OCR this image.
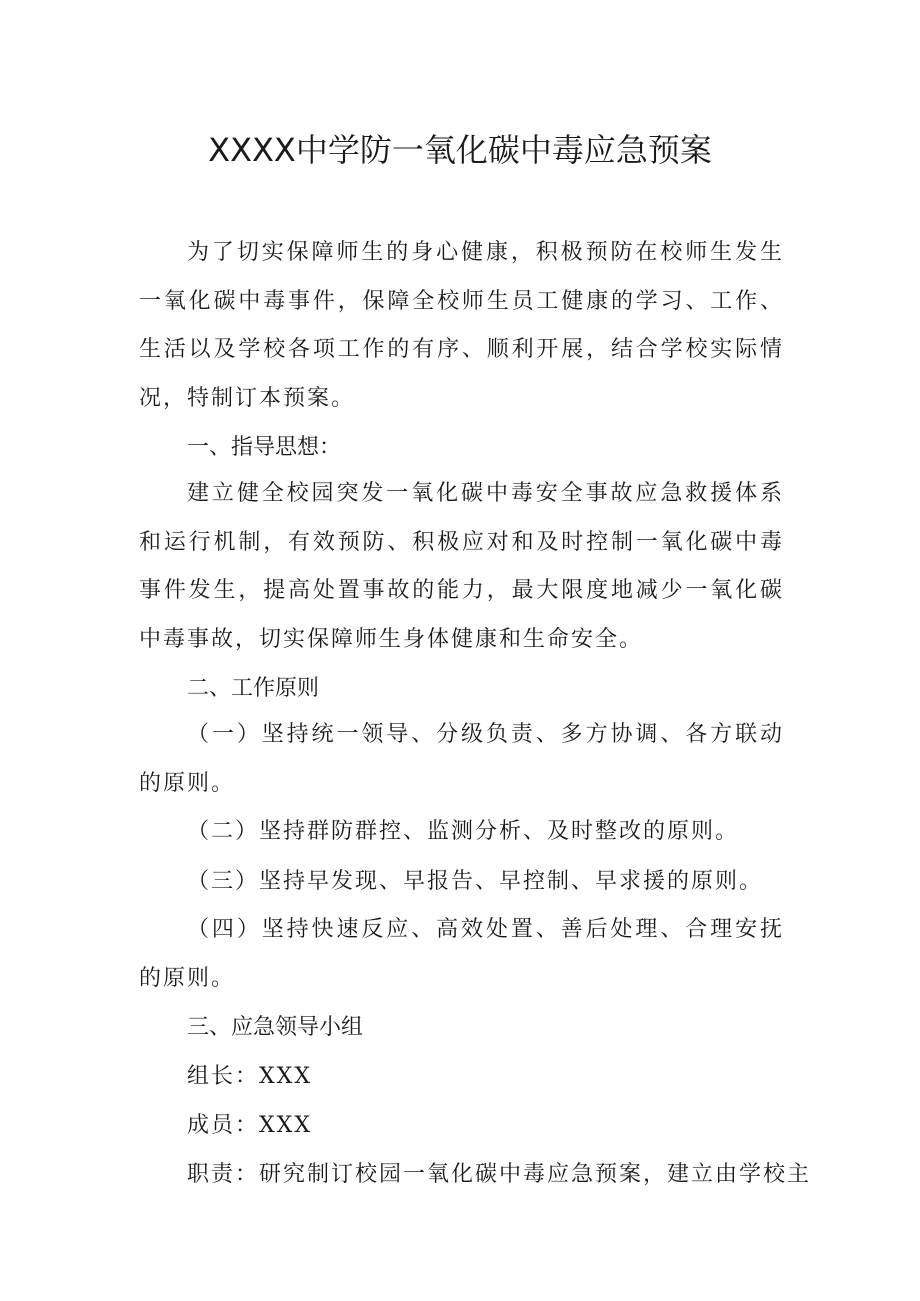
XXXX中学防一氧化碳中毒应急预案
为了切实保障师生的身心健康，积极预防在校师生发生一氧化碳中毒事件，保障全校师生员工健康的学习、工作、生活以及学校各项工作的有序、顺利开展，结合学校实际情况，特制订本预案。
一、指导思想：
建立健全校园突发一氧化碳中毒安全事故应急救援体系和运行机制，有效预防、积极应对和及时控制一氧化碳中毒事件发生，提高处置事故的能力，最大限度地减少一氧化碳中毒事故，切实保障师生身体健康和生命安全。
二、工作原则
（一）坚持统一领导、分级负责、多方协调、各方联动的原则。
（二）坚持群防群控、监测分析、及时整改的原则。
（三）坚持早发现、早报告、早控制、早求援的原则。
（四）坚持快速反应、高效处置、善后处理、合理安抚的原则。
三、应急领导小组
组长：XXX
成员：XXX
职责：研究制订校园一氧化碳中毒应急预案，建立由学校主
